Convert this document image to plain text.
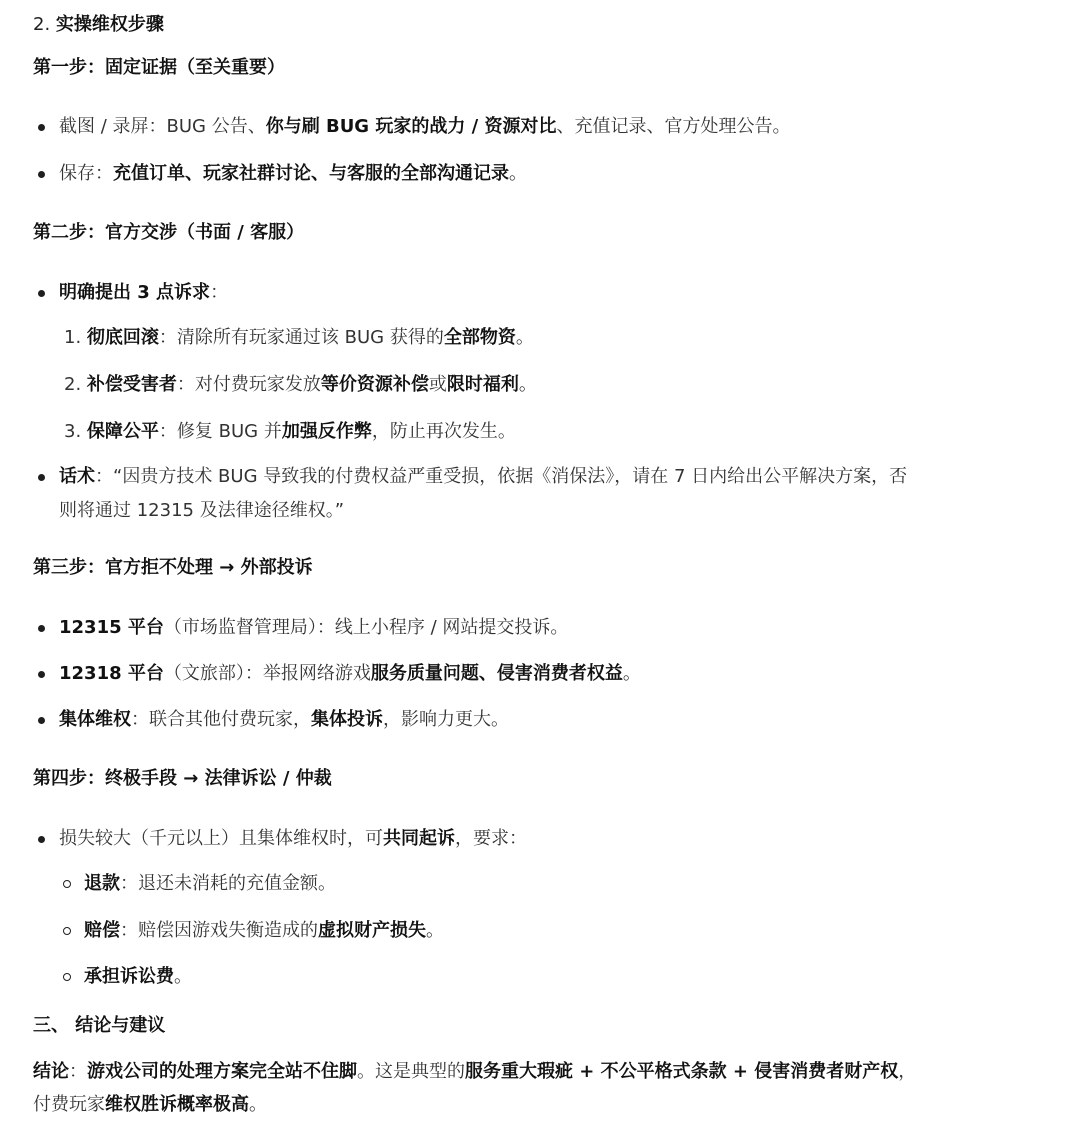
2. 实操维权步骤
第一步：固定证据（至关重要）
截图 / 录屏：BUG 公告、你与刷 BUG 玩家的战力 / 资源对比、充值记录、官方处理公告。
保存：充值订单、玩家社群讨论、与客服的全部沟通记录。
第二步：官方交涉（书面 / 客服）
明确提出 3 点诉求：
1. 彻底回滚：清除所有玩家通过该 BUG 获得的全部物资。
2. 补偿受害者：对付费玩家发放等价资源补偿或限时福利。
3. 保障公平：修复 BUG 并加强反作弊，防止再次发生。
话术：“因贵方技术 BUG 导致我的付费权益严重受损，依据《消保法》，请在 7 日内给出公平解决方案，否
则将通过 12315 及法律途径维权。”
第三步：官方拒不处理 → 外部投诉
12315 平台（市场监督管理局）：线上小程序 / 网站提交投诉。
12318 平台（文旅部）：举报网络游戏服务质量问题、侵害消费者权益。
集体维权：联合其他付费玩家，集体投诉，影响力更大。
第四步：终极手段 → 法律诉讼 / 仲裁
损失较大（千元以上）且集体维权时，可共同起诉，要求：
退款：退还未消耗的充值金额。
赔偿：赔偿因游戏失衡造成的虚拟财产损失。
承担诉讼费。
三、 结论与建议
结论：游戏公司的处理方案完全站不住脚。这是典型的服务重大瑕疵 + 不公平格式条款 + 侵害消费者财产权，
付费玩家维权胜诉概率极高。
